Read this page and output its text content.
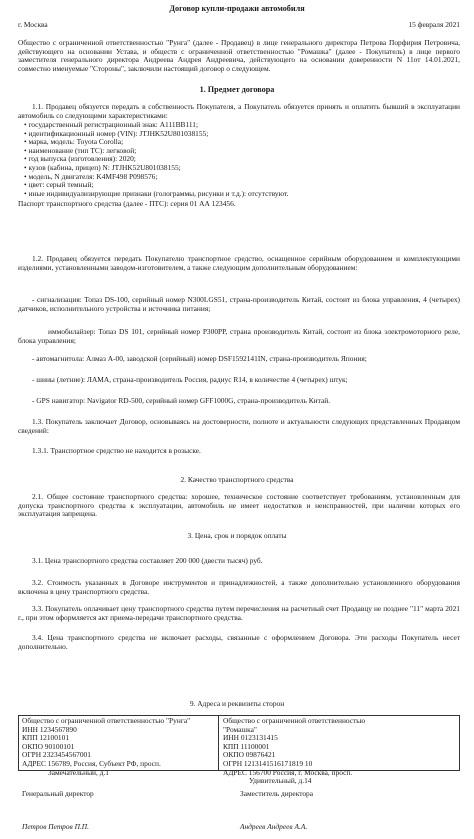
Договор купли-продажи автомобиля
г. Москва	15 февраля 2021
Общество с ограниченной ответственностью "Рунга" (далее - Продавец) в лице генерального директора Петрова Порфирия Петровича, действующего на основании Устава, и обществ с ограниченной ответственностью "Ромашка" (далее - Покупатель) в лице первого заместителя генерального директора Андреева Андрея Андреевича, действующего на основании доверенности N 11от 14.01.2021, совместно именуемые "Стороны", заключили настоящий договор о следующем.
1. Предмет договора
1.1. Продавец обязуется передать в собственность Покупателя, а Покупатель обязуется принять и оплатить бывший в эксплуатации автомобиль со следующими характеристиками:
• государственный регистрационный знак: А111ВВ111;
• идентификационный номер (VIN): JTJHK52U801038155;
• марка, модель: Toyota Corolla;
• наименование (тип ТС): легковой;
• год выпуска (изготовления): 2020;
• кузов (кабина, прицеп) N: JTJHK52U801038155;
• модель, N двигателя: K4MF498 P098576;
• цвет: серый темный;
• иные индивидуализирующие признаки (голограммы, рисунки и т.д.): отсутствуют.
Паспорт транспортного средства (далее - ПТС): серия 01 АА 123456.
1.2. Продавец обязуется передать Покупателю транспортное средство, оснащенное серийным оборудованием и комплектующими изделиями, установленными заводом-изготовителем, а также следующим дополнительным оборудованием:
- сигнализация: Топаз DS-100, серийный номер N300LGS51, страна-производитель Китай, состоит из блока управления, 4 (четырех) датчиков, исполнительного устройства и источника питания;
иммобилайзер: Топаз DS 101, серийный номер P300PP, страна производитель Китай, состоит из блока электромоторного реле, блока управления;
- автомагнитола: Алмаз А-00, заводской (серийный) номер DSF1592141IN, страна-производитель Япония;
- шины (летние): ЛАМА, страна-производитель Россия, радиус R14, в количестве 4 (четырех) штук;
- GPS навигатор: Navigator RD-500, серийный номер GFF1000G, страна-производитель Китай.
1.3. Покупатель заключает Договор, основываясь на достоверности, полноте и актуальности следующих представленных Продавцом сведений:
1.3.1. Транспортное средство не находится в розыске.
2. Качество транспортного средства
2.1. Общее состояние транспортного средства: хорошее, техническое состояние соответствует требованиям, установленным для допуска транспортного средства к эксплуатации, автомобиль не имеет недостатков и неисправностей, при наличии которых его эксплуатация запрещена.
3. Цена, срок и порядок оплаты
3.1. Цена транспортного средства составляет 200 000 (двести тысяч) руб.
3.2. Стоимость указанных в Договоре инструментов и принадлежностей, а также дополнительно установленного оборудования включена в цену транспортного средства.
3.3. Покупатель оплачивает цену транспортного средства путем перечисления на расчетный счет Продавцу не позднее "11" марта 2021 г., при этом оформляется акт приема-передачи транспортного средства.
3.4. Цена транспортного средства не включает расходы, связанные с оформлением Договора. Эти расходы Покупатель несет дополнительно.
9. Адреса и реквизиты сторон
Общество с ограниченной ответственностью "Рунга"
ИНН 1234567890
КПП 12100101
ОКПО 90100101
ОГРН 2323454567001
АДРЕС 156789, Россия, Субъект РФ, просп.
Замечательный, д.1
Общество с ограниченной ответственностью
"Ромашка"
ИНН 0123131415
КПП 11100001
ОКПО 09876421
ОГРН 1213141516171819 10
АДРЕС 156700 Россия, г. Москва, просп.
Удивительный, д.14
Генеральный директор	Заместитель директора
Петров Петров П.П.	Андреев Андреев А.А.
